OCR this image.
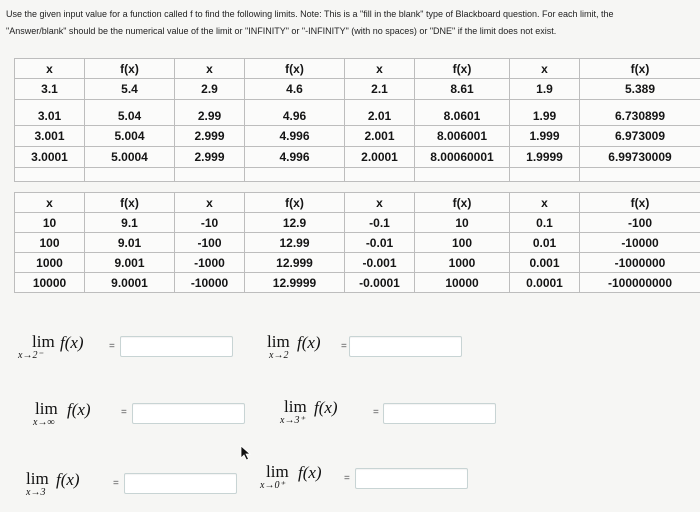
Use the given input value for a function called f to find the following limits. Note: This is a "fill in the blank" type of Blackboard question. For each limit, the
"Answer/blank" should be the numerical value of the limit or "INFINITY" or "-INFINITY" (with no spaces) or "DNE" if the limit does not exist.
x	f(x)	x	f(x)	x	f(x)	x	f(x)
3.1	5.4	2.9	4.6	2.1	8.61	1.9	5.389
3.01	5.04	2.99	4.96	2.01	8.0601	1.99	6.730899
3.001	5.004	2.999	4.996	2.001	8.006001	1.999	6.973009
3.0001	5.0004	2.999	4.996	2.0001	8.00060001	1.9999	6.99730009

x	f(x)	x	f(x)	x	f(x)	x	f(x)
10	9.1	-10	12.9	-0.1	10	0.1	-100
100	9.01	-100	12.99	-0.01	100	0.01	-10000
1000	9.001	-1000	12.999	-0.001	1000	0.001	-1000000
10000	9.0001	-10000	12.9999	-0.0001	10000	0.0001	-100000000
lim
x→2⁻
f(x)	=	lim
x→2
f(x) =
lim
x→∞
f(x)	=	lim
x→3⁺
f(x)	=
lim
x→3
f(x)	=
lim
x→0⁺
f(x) =
